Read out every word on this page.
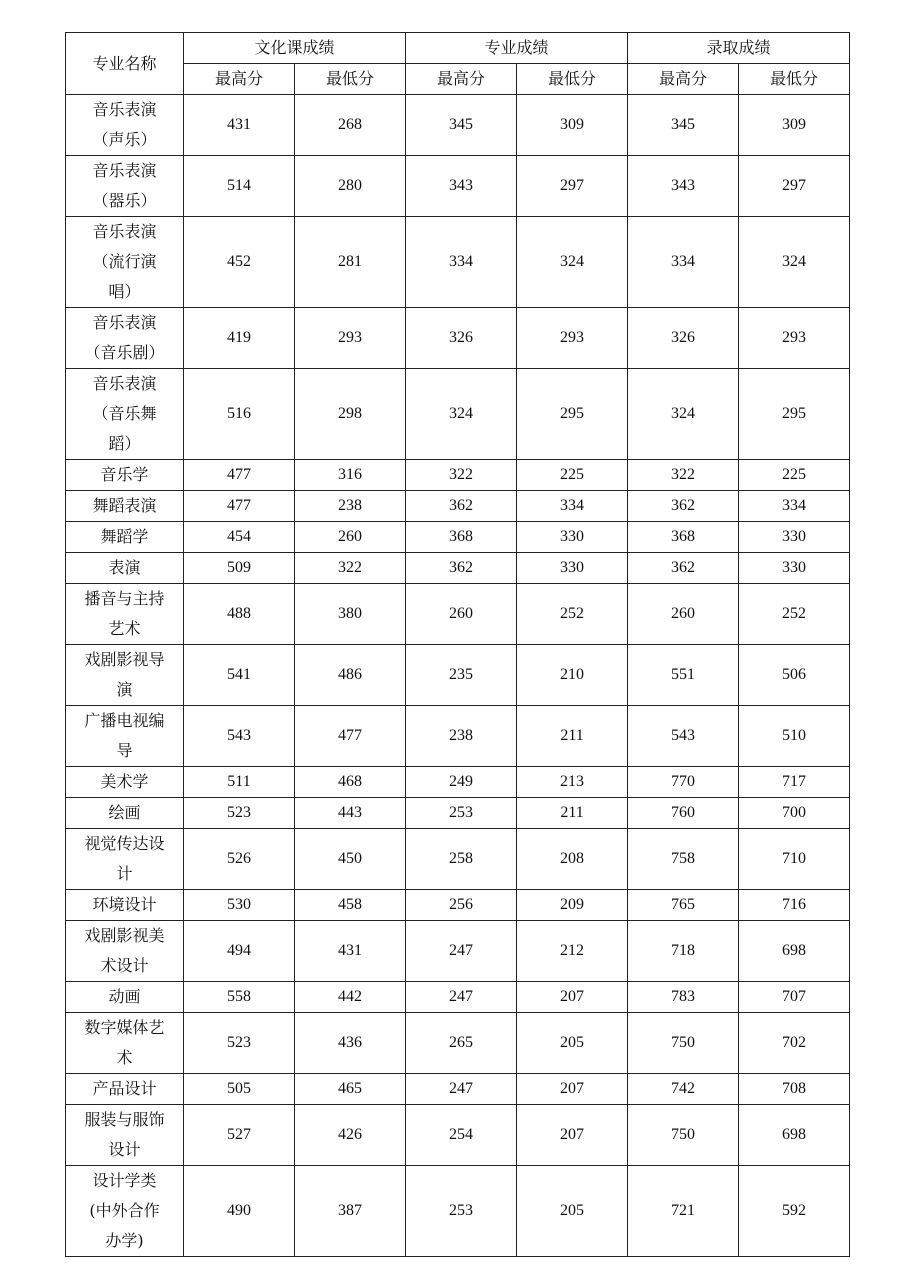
专业名称	文化课成绩		专业成绩		录取成绩	
	最高分	最低分	最高分	最低分	最高分	最低分

音乐表演
（声乐）	431	268	345	309	345	309

音乐表演
（器乐）	514	280	343	297	343	297

音乐表演
（流行演
唱）	452	281	334	324	334	324

音乐表演
（音乐剧）	419	293	326	293	326	293

音乐表演
（音乐舞
蹈）	516	298	324	295	324	295
音乐学	477	316	322	225	322	225
舞蹈表演	477	238	362	334	362	334
舞蹈学	454	260	368	330	368	330
表演	509	322	362	330	362	330

播音与主持
艺术	488	380	260	252	260	252

戏剧影视导
演	541	486	235	210	551	506

广播电视编
导	543	477	238	211	543	510
美术学	511	468	249	213	770	717
绘画	523	443	253	211	760	700

视觉传达设
计	526	450	258	208	758	710
环境设计	530	458	256	209	765	716

戏剧影视美
术设计	494	431	247	212	718	698
动画	558	442	247	207	783	707

数字媒体艺
术	523	436	265	205	750	702
产品设计	505	465	247	207	742	708

服装与服饰
设计	527	426	254	207	750	698

设计学类
(中外合作
办学)	490	387	253	205	721	592
